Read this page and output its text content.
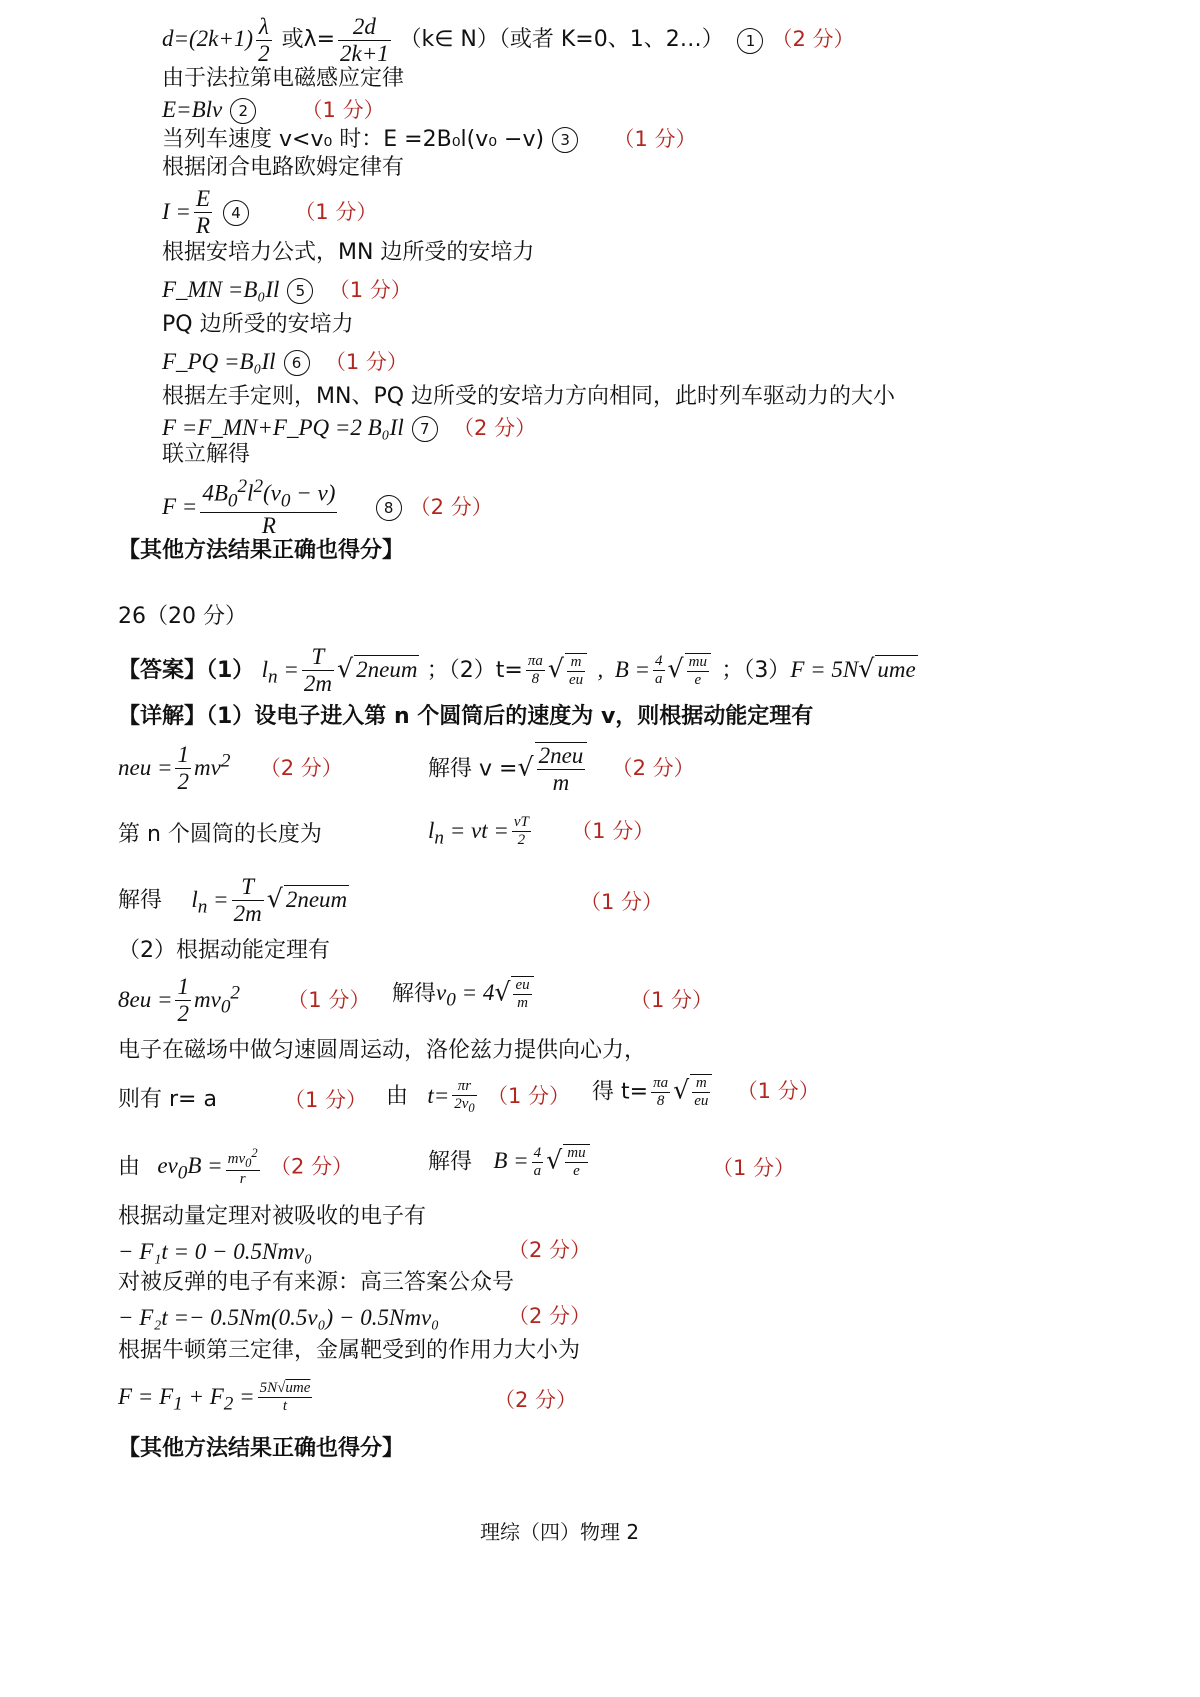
$d=(2k+1) \frac{\lambda}{2}$ 或$\lambda= \frac{2d}{2k+1}$ （k∈ N）（或者 K=0、1、2…） 1 （2 分）
由于法拉第电磁感应定律
E=Blv 2	（1 分）
当列车速度 v<v₀ 时：E =2B₀l(v₀ −v) 3 （1 分）
根据闭合电路欧姆定律有
$I = \frac{E}{R} 4$	（1 分）
根据安培力公式，MN 边所受的安培力
F_MN =B₀Il 5 （1 分）
PQ 边所受的安培力
F_PQ =B₀Il 6 （1 分）
根据左手定则，MN、PQ 边所受的安培力方向相同，此时列车驱动力的大小
F =F_MN+F_PQ =2 B₀Il 7 （2 分）
联立解得
$F = \frac{4B_0^2l^2(v_0 - v)}{R}$	8 （2 分）
【其他方法结果正确也得分】
26（20 分）
【答案】（1） $l_n = \frac{T}{2m}$ √ 2neum ；$(2)t= \frac{\pi a}{8}$ √ $\frac{m}{eu}$ ,  $B = \frac{4}{a}$ √ $\frac{mu}{e}$ ；（3）F = 5N√ ume
【详解】（1）设电子进入第 n 个圆筒后的速度为 v，则根据动能定理有
neu = $\frac{1}{2} mv^2$ （2 分）	解得 v =√ $\frac{\text{2neu}}{m} (2$ 分）
第 n 个圆筒的长度为	$l_n$ = vt = $\frac{vT}{2} (1$ 分）
解得 $l_n = \frac{T}{2m}$ √ 2neum	（1 分）
（2）根据动能定理有
$8eu = \frac{1}{2} mv_0^2$ （1 分） 解得$v_0 = 4√ \frac{eu}{m}$	（1 分）
电子在磁场中做匀速圆周运动，洛伦兹力提供向心力，
则有 r= a	（1 分） 由 $t= \frac{\pi r}{2v_0} (1$ 分） 得 $t= \frac{\pi a}{8}$ √ $\frac{m}{eu} (1$ 分）
由 $ev_0B = \frac{mv_0^2}{r} (2$ 分）	解得 $B = \frac{4}{a}$ √ $\frac{mu}{e}$	（1 分）
根据动量定理对被吸收的电子有
− F₁t = 0 − 0.5Nmv₀	（2 分）
对被反弹的电子有来源：高三答案公众号
− F₂t =− 0.5Nm(0.5v₀) − 0.5Nmv₀	（2 分）
根据牛顿第三定律，金属靶受到的作用力大小为
$F = F_1 + F_2 = \frac{\text{5N√ume}}{t}$	（2 分）
【其他方法结果正确也得分】
理综（四）物理 2
